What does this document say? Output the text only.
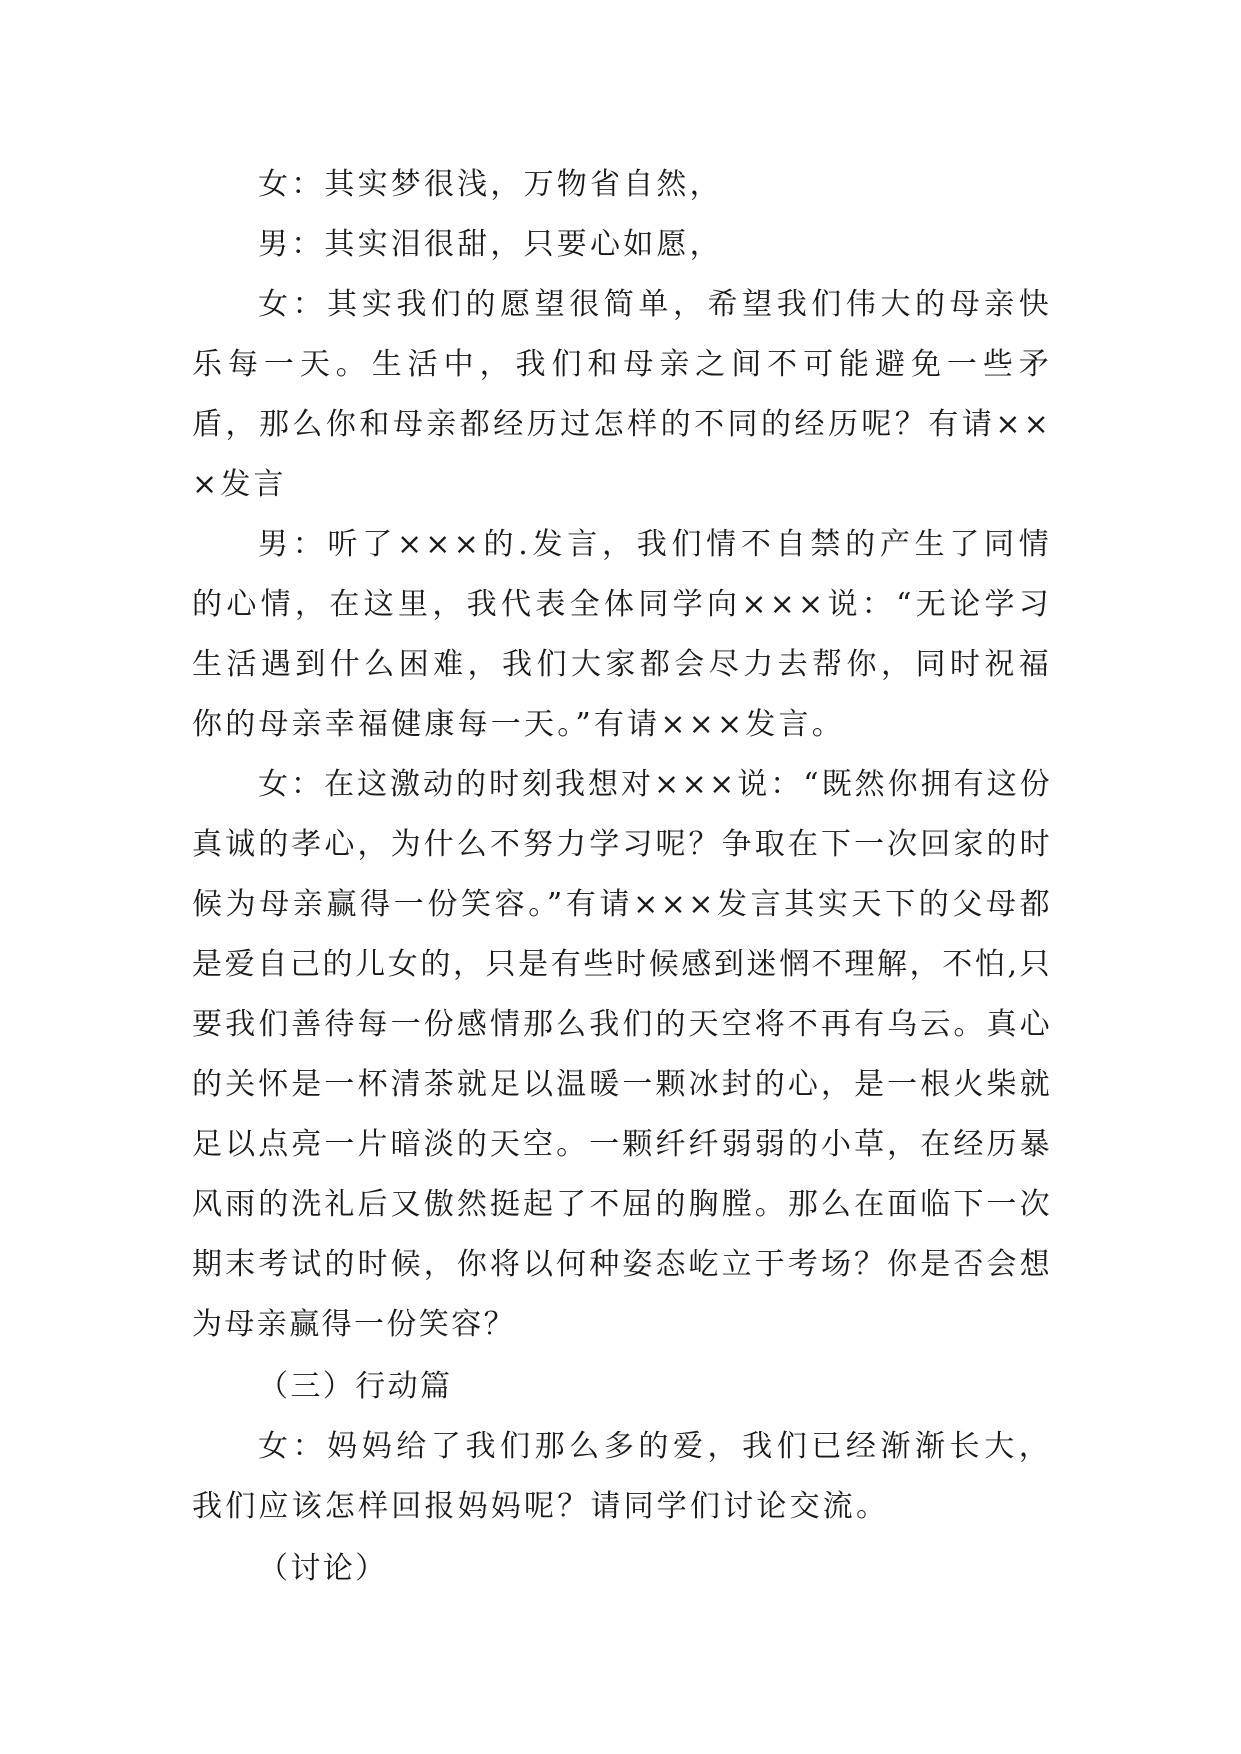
女：其实梦很浅，万物省自然，

男：其实泪很甜，只要心如愿，

女：其实我们的愿望很简单，希望我们伟大的母亲快乐每一天。生活中，我们和母亲之间不可能避免一些矛盾，那么你和母亲都经历过怎样的不同的经历呢？有请×××发言

男：听了×××的.发言，我们情不自禁的产生了同情的心情，在这里，我代表全体同学向×××说：“无论学习生活遇到什么困难，我们大家都会尽力去帮你，同时祝福你的母亲幸福健康每一天。”有请×××发言。

女：在这激动的时刻我想对×××说：“既然你拥有这份真诚的孝心，为什么不努力学习呢？争取在下一次回家的时候为母亲赢得一份笑容。”有请×××发言其实天下的父母都是爱自己的儿女的，只是有些时候感到迷惘不理解，不怕,只要我们善待每一份感情那么我们的天空将不再有乌云。真心的关怀是一杯清茶就足以温暖一颗冰封的心，是一根火柴就足以点亮一片暗淡的天空。一颗纤纤弱弱的小草，在经历暴风雨的洗礼后又傲然挺起了不屈的胸膛。那么在面临下一次期末考试的时候，你将以何种姿态屹立于考场？你是否会想为母亲赢得一份笑容？

（三）行动篇

女：妈妈给了我们那么多的爱，我们已经渐渐长大，我们应该怎样回报妈妈呢？请同学们讨论交流。

（讨论）
